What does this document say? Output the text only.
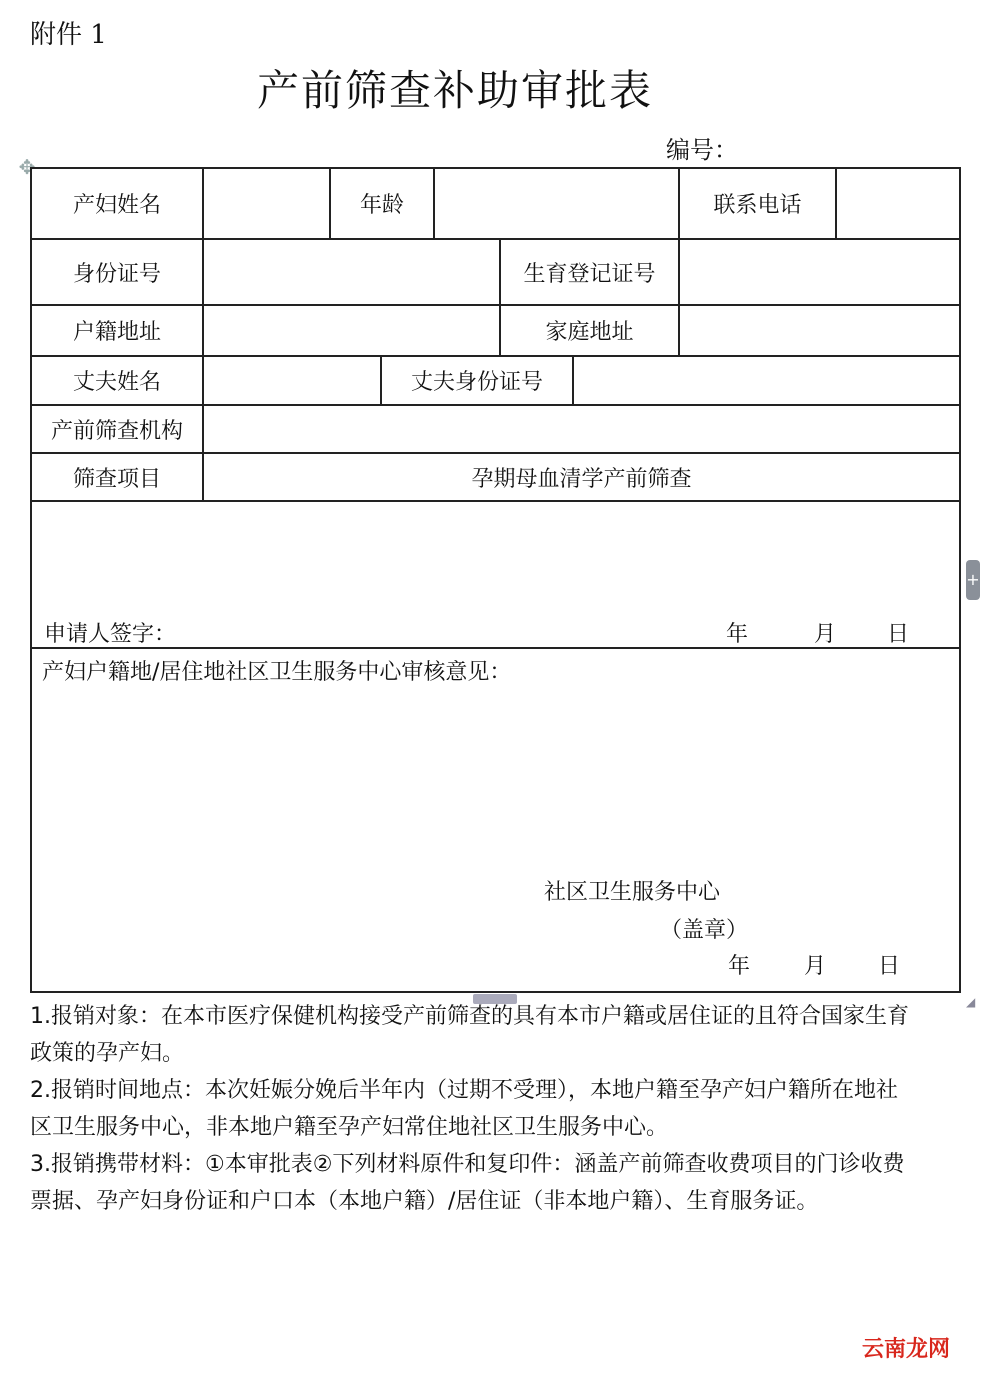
附件 1
产前筛查补助审批表
编号：
✥
产妇姓名	年龄	联系电话
身份证号	生育登记证号
户籍地址	家庭地址
丈夫姓名	丈夫身份证号
产前筛查机构
筛查项目	孕期母血清学产前筛查
申请人签字：	年	月 日
产妇户籍地/居住地社区卫生服务中心审核意见：
社区卫生服务中心
（盖章）
年 月 日
+
◢

1.报销对象：在本市医疗保健机构接受产前筛查的具有本市户籍或居住证的且符合国家生育政策的孕产妇。

2.报销时间地点：本次妊娠分娩后半年内（过期不受理），本地户籍至孕产妇户籍所在地社区卫生服务中心，非本地户籍至孕产妇常住地社区卫生服务中心。

3.报销携带材料：①本审批表②下列材料原件和复印件：涵盖产前筛查收费项目的门诊收费票据、孕产妇身份证和户口本（本地户籍）/居住证（非本地户籍）、生育服务证。

云南龙网
